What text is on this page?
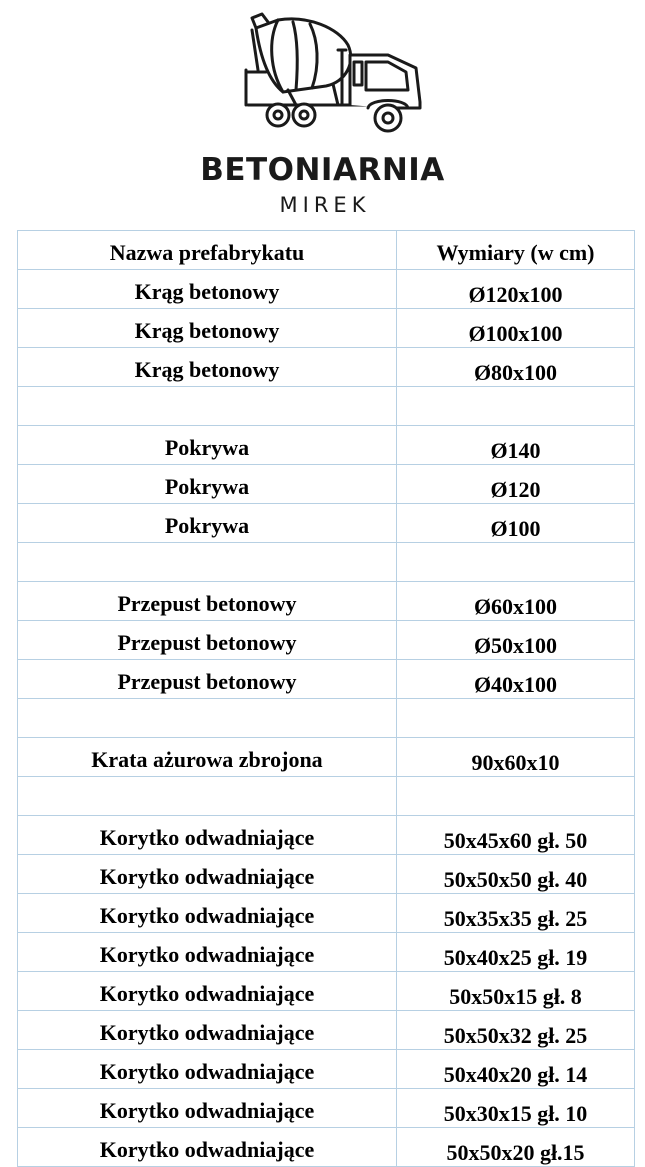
BETONIARNIA
MIREK
Nazwa prefabrykatu	Wymiary (w cm)
Krąg betonowy	Ø120x100
Krąg betonowy	Ø100x100
Krąg betonowy	Ø80x100

Pokrywa	Ø140
Pokrywa	Ø120
Pokrywa	Ø100

Przepust betonowy	Ø60x100
Przepust betonowy	Ø50x100
Przepust betonowy	Ø40x100

Krata ażurowa zbrojona	90x60x10

Korytko odwadniające	50x45x60 gł. 50
Korytko odwadniające	50x50x50 gł. 40
Korytko odwadniające	50x35x35 gł. 25
Korytko odwadniające	50x40x25 gł. 19
Korytko odwadniające	50x50x15 gł. 8
Korytko odwadniające	50x50x32 gł. 25
Korytko odwadniające	50x40x20 gł. 14
Korytko odwadniające	50x30x15 gł. 10
Korytko odwadniające	50x50x20 gł.15
